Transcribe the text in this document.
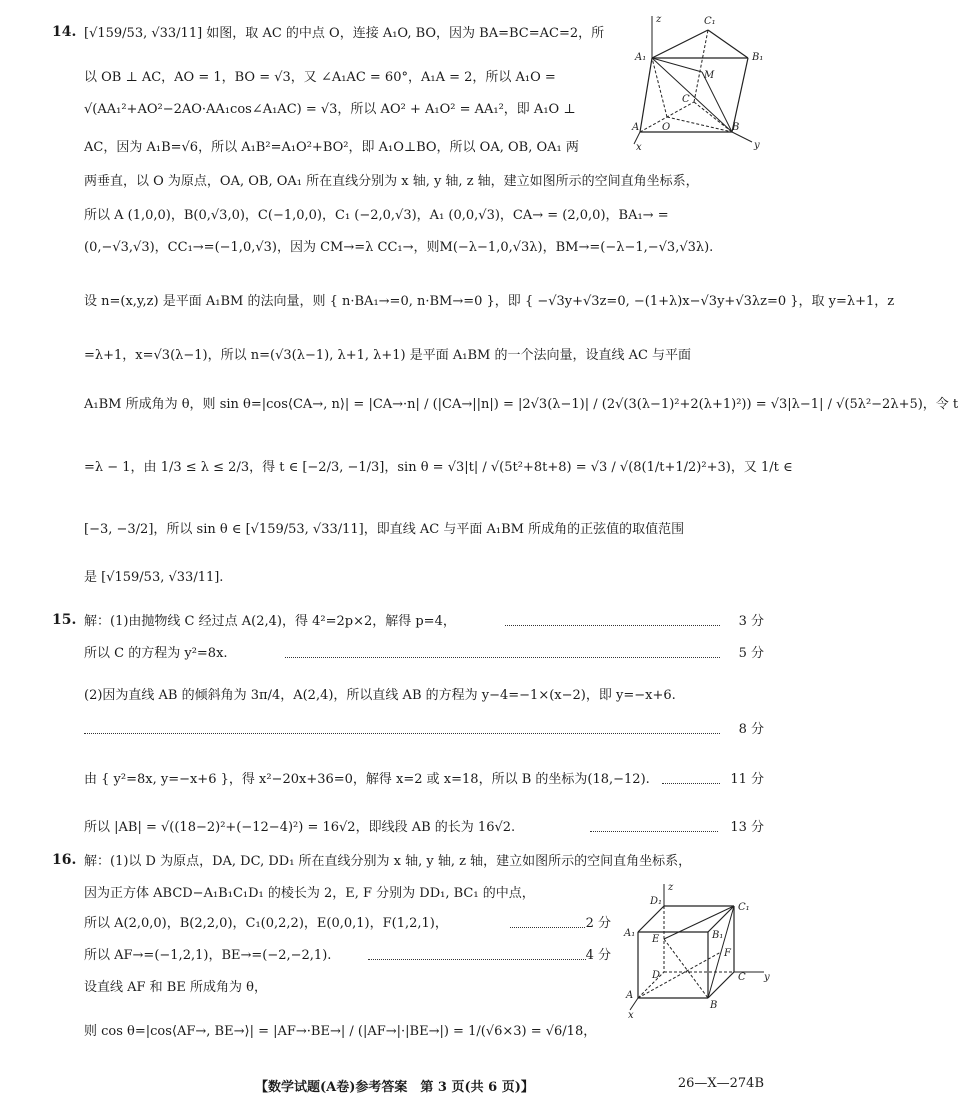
14. [√159/53, √33/11] 如图，取 AC 的中点 O，连接 A₁O, BO，因为 BA=BC=AC=2，所
以 OB ⊥ AC，AO = 1，BO = √3，又 ∠A₁AC = 60°，A₁A = 2，所以 A₁O =
√(AA₁²+AO²−2AO·AA₁cos∠A₁AC) = √3，所以 AO² + A₁O² = AA₁²，即 A₁O ⊥
AC，因为 A₁B=√6，所以 A₁B²=A₁O²+BO²，即 A₁O⊥BO，所以 OA, OB, OA₁ 两
两垂直，以 O 为原点，OA, OB, OA₁ 所在直线分别为 x 轴, y 轴, z 轴，建立如图所示的空间直角坐标系，
所以 A (1,0,0)，B(0,√3,0)，C(−1,0,0)，C₁ (−2,0,√3)，A₁ (0,0,√3)，CA→ = (2,0,0)，BA₁→ =
(0,−√3,√3)，CC₁→=(−1,0,√3)，因为 CM→=λ CC₁→，则M(−λ−1,0,√3λ)，BM→=(−λ−1,−√3,√3λ).
设 n=(x,y,z) 是平面 A₁BM 的法向量，则 { n·BA₁→=0, n·BM→=0 }，即 { −√3y+√3z=0, −(1+λ)x−√3y+√3λz=0 }，取 y=λ+1，z
=λ+1，x=√3(λ−1)，所以 n=(√3(λ−1), λ+1, λ+1) 是平面 A₁BM 的一个法向量，设直线 AC 与平面
A₁BM 所成角为 θ，则 sin θ=|cos⟨CA→, n⟩| = |CA→·n| / (|CA→||n|) = |2√3(λ−1)| / (2√(3(λ−1)²+2(λ+1)²)) = √3|λ−1| / √(5λ²−2λ+5)，令 t
=λ − 1，由 1/3 ≤ λ ≤ 2/3，得 t ∈ [−2/3, −1/3]，sin θ = √3|t| / √(5t²+8t+8) = √3 / √(8(1/t+1/2)²+3)，又 1/t ∈
[−3, −3/2]，所以 sin θ ∈ [√159/53, √33/11]，即直线 AC 与平面 A₁BM 所成角的正弦值的取值范围
是 [√159/53, √33/11].
C₁
A₁	B₁
M
C
A O	B
x	y
z
15. 解：(1)由抛物线 C 经过点 A(2,4)，得 4²=2p×2，解得 p=4，	3 分
所以 C 的方程为 y²=8x.	5 分
(2)因为直线 AB 的倾斜角为 3π/4，A(2,4)，所以直线 AB 的方程为 y−4=−1×(x−2)，即 y=−x+6.
8 分
由 { y²=8x, y=−x+6 }，得 x²−20x+36=0，解得 x=2 或 x=18，所以 B 的坐标为(18,−12).	11 分
所以 |AB| = √((18−2)²+(−12−4)²) = 16√2，即线段 AB 的长为 16√2.	13 分
16. 解：(1)以 D 为原点，DA, DC, DD₁ 所在直线分别为 x 轴, y 轴, z 轴，建立如图所示的空间直角坐标系，
因为正方体 ABCD−A₁B₁C₁D₁ 的棱长为 2，E, F 分别为 DD₁, BC₁ 的中点，
所以 A(2,0,0)，B(2,2,0)，C₁(0,2,2)，E(0,0,1)，F(1,2,1)，	2 分
所以 AF→=(−1,2,1)，BE→=(−2,−2,1).	4 分
设直线 AF 和 BE 所成角为 θ，
则 cos θ=|cos⟨AF→, BE→⟩| = |AF→·BE→| / (|AF→|·|BE→|) = 1/(√6×3) = √6/18，
z
D₁
C₁
A₁	B₁
E
F
D	C
A
B
x
y
【数学试题(A卷)参考答案　第 3 页(共 6 页)】	26—X—274B
